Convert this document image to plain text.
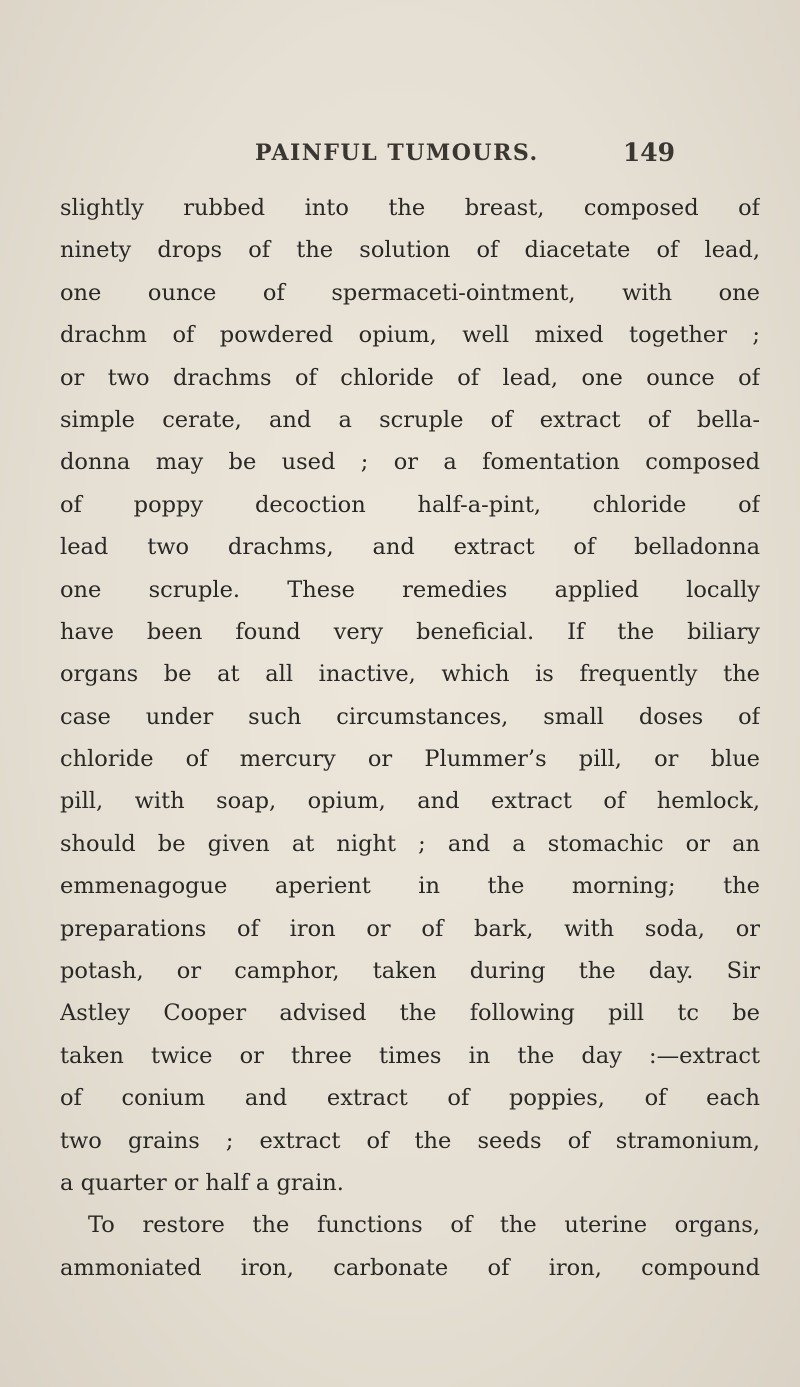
PAINFUL TUMOURS.	149
slightly rubbed into the breast, composed of
ninety drops of the solution of diacetate of lead,
one ounce of spermaceti-ointment, with one
drachm of powdered opium, well mixed together ;
or two drachms of chloride of lead, one ounce of
simple cerate, and a scruple of extract of bella-
donna may be used ; or a fomentation composed
of poppy decoction half-a-pint, chloride of
lead two drachms, and extract of belladonna
one scruple. These remedies applied locally
have been found very beneficial. If the biliary
organs be at all inactive, which is frequently the
case under such circumstances, small doses of
chloride of mercury or Plummer’s pill, or blue
pill, with soap, opium, and extract of hemlock,
should be given at night ; and a stomachic or an
emmenagogue aperient in the morning; the
preparations of iron or of bark, with soda, or
potash, or camphor, taken during the day. Sir
Astley Cooper advised the following pill tc be
taken twice or three times in the day :—extract
of conium and extract of poppies, of each
two grains ; extract of the seeds of stramonium,
a quarter or half a grain.
To restore the functions of the uterine organs,
ammoniated iron, carbonate of iron, compound
